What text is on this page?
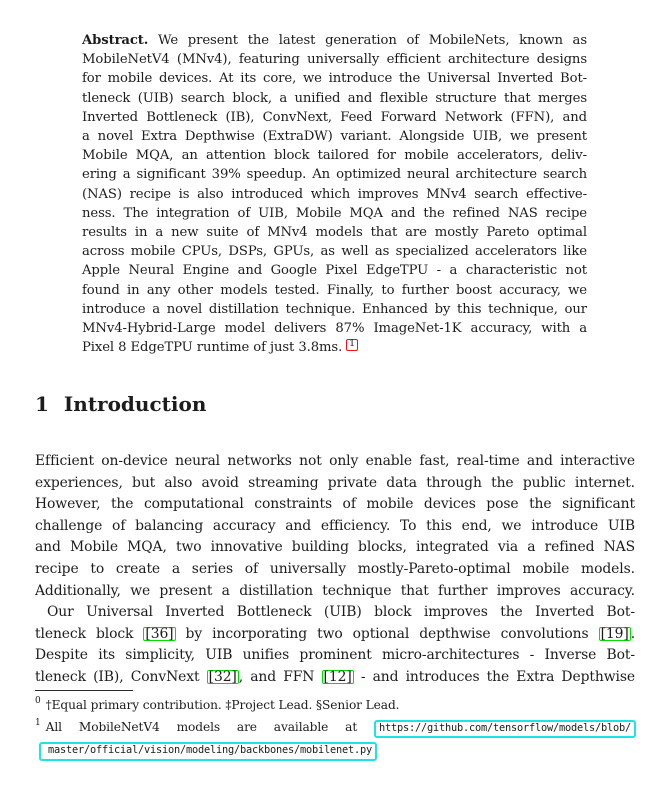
Abstract. We present the latest generation of MobileNets, known as
MobileNetV4 (MNv4), featuring universally efficient architecture designs
for mobile devices. At its core, we introduce the Universal Inverted Bot-
tleneck (UIB) search block, a unified and flexible structure that merges
Inverted Bottleneck (IB), ConvNext, Feed Forward Network (FFN), and
a novel Extra Depthwise (ExtraDW) variant. Alongside UIB, we present
Mobile MQA, an attention block tailored for mobile accelerators, deliv-
ering a significant 39% speedup. An optimized neural architecture search
(NAS) recipe is also introduced which improves MNv4 search effective-
ness. The integration of UIB, Mobile MQA and the refined NAS recipe
results in a new suite of MNv4 models that are mostly Pareto optimal
across mobile CPUs, DSPs, GPUs, as well as specialized accelerators like
Apple Neural Engine and Google Pixel EdgeTPU - a characteristic not
found in any other models tested. Finally, to further boost accuracy, we
introduce a novel distillation technique. Enhanced by this technique, our
MNv4-Hybrid-Large model delivers 87% ImageNet-1K accuracy, with a
Pixel 8 EdgeTPU runtime of just 3.8ms. $^1$
1 Introduction
Efficient on-device neural networks not only enable fast, real-time and interactive
experiences, but also avoid streaming private data through the public internet.
However, the computational constraints of mobile devices pose the significant
challenge of balancing accuracy and efficiency. To this end, we introduce UIB
and Mobile MQA, two innovative building blocks, integrated via a refined NAS
recipe to create a series of universally mostly-Pareto-optimal mobile models.
Additionally, we present a distillation technique that further improves accuracy.
Our Universal Inverted Bottleneck (UIB) block improves the Inverted Bot-
tleneck block [36] by incorporating two optional depthwise convolutions [19] .
Despite its simplicity, UIB unifies prominent micro-architectures - Inverse Bot-
tleneck (IB), ConvNext [32] , and FFN [12] - and introduces the Extra Depthwise
$^0$ †Equal primary contribution. ‡Project Lead. §Senior Lead.
$^1$ All MobileNetV4 models are available at https://github.com/tensorflow/models/blob/
master/official/vision/modeling/backbones/mobilenet.py
